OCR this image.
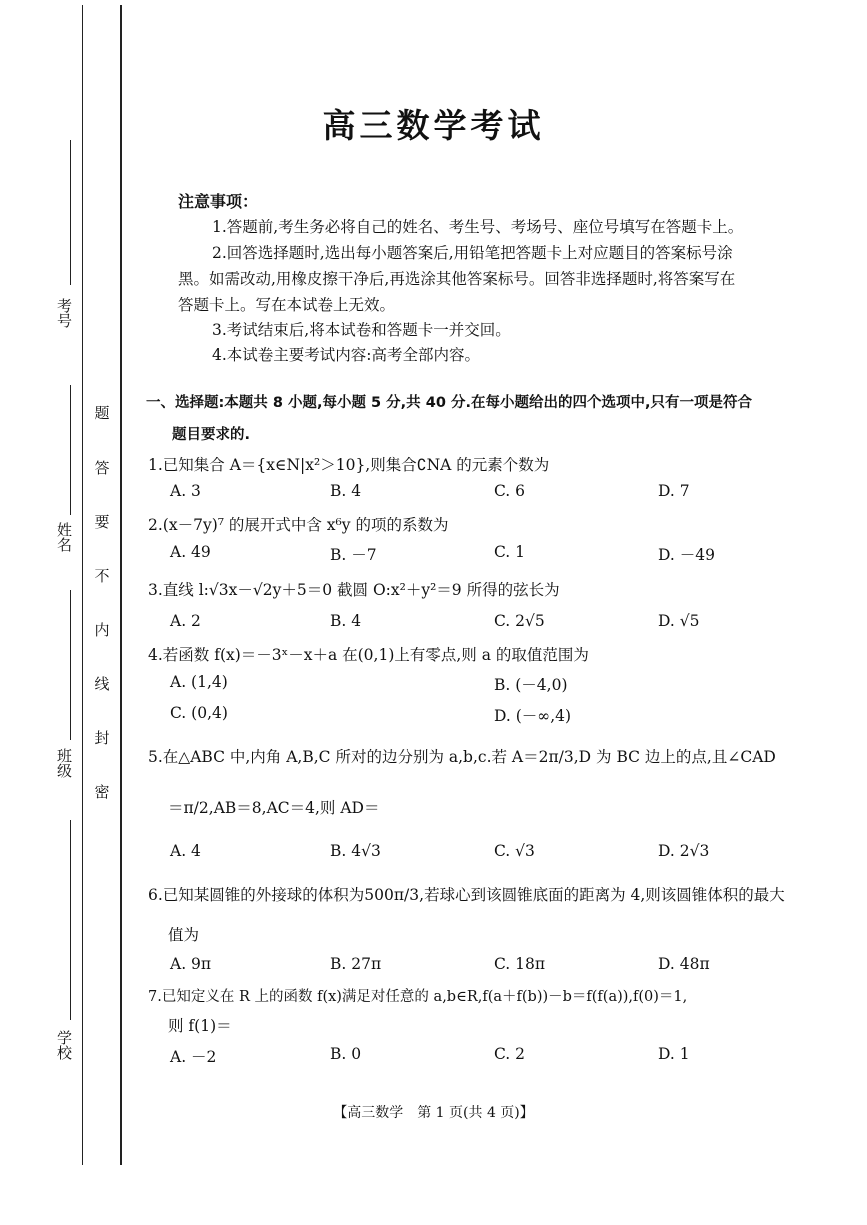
考号
姓名
班级
学校
题
答
要
不
内
线
封
密
高三数学考试
注意事项：
1.答题前,考生务必将自己的姓名、考生号、考场号、座位号填写在答题卡上。
2.回答选择题时,选出每小题答案后,用铅笔把答题卡上对应题目的答案标号涂
黑。如需改动,用橡皮擦干净后,再选涂其他答案标号。回答非选择题时,将答案写在
答题卡上。写在本试卷上无效。
3.考试结束后,将本试卷和答题卡一并交回。
4.本试卷主要考试内容:高考全部内容。
一、选择题:本题共 8 小题,每小题 5 分,共 40 分.在每小题给出的四个选项中,只有一项是符合
题目要求的.
1.已知集合 A＝{x∈N|x²＞10},则集合∁NA 的元素个数为
A. 3	B. 4	C. 6	D. 7
2.(x－7y)⁷ 的展开式中含 x⁶y 的项的系数为
A. 49	B. －7	C. 1	D. －49
3.直线 l:√3x－√2y＋5＝0 截圆 O:x²＋y²＝9 所得的弦长为
A. 2	B. 4	C. 2√5	D. √5
4.若函数 f(x)＝－3ˣ－x＋a 在(0,1)上有零点,则 a 的取值范围为
A. (1,4)	B. (－4,0)
C. (0,4)	D. (－∞,4)
5.在△ABC 中,内角 A,B,C 所对的边分别为 a,b,c.若 A＝2π/3,D 为 BC 边上的点,且∠CAD
＝π/2,AB＝8,AC＝4,则 AD＝
A. 4	B. 4√3	C. √3	D. 2√3
6.已知某圆锥的外接球的体积为500π/3,若球心到该圆锥底面的距离为 4,则该圆锥体积的最大
值为
A. 9π	B. 27π	C. 18π	D. 48π
7.已知定义在 R 上的函数 f(x)满足对任意的 a,b∈R,f(a＋f(b))－b＝f(f(a)),f(0)＝1,
则 f(1)＝
A. －2	B. 0	C. 2	D. 1
【高三数学　第 1 页(共 4 页)】
